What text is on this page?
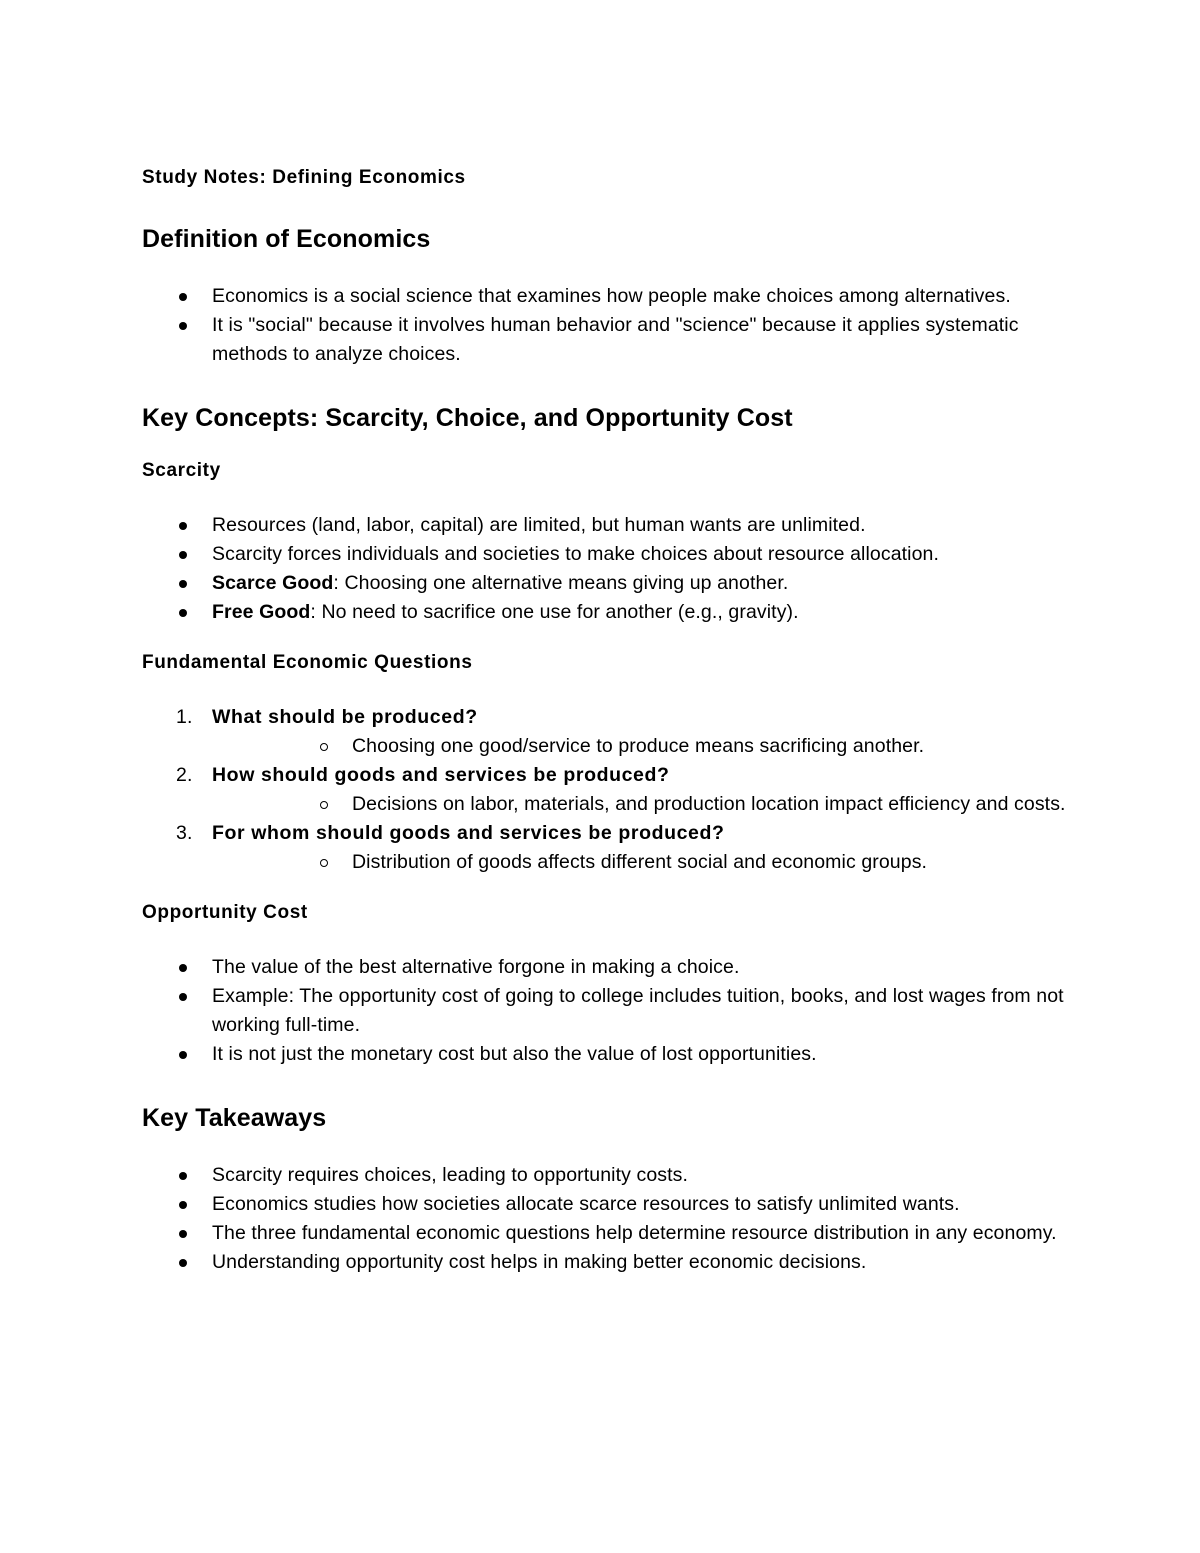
Study Notes: Defining Economics
Definition of Economics
Economics is a social science that examines how people make choices among alternatives.
It is "social" because it involves human behavior and "science" because it applies systematic methods to analyze choices.
Key Concepts: Scarcity, Choice, and Opportunity Cost
Scarcity
Resources (land, labor, capital) are limited, but human wants are unlimited.
Scarcity forces individuals and societies to make choices about resource allocation.
Scarce Good: Choosing one alternative means giving up another.
Free Good: No need to sacrifice one use for another (e.g., gravity).
Fundamental Economic Questions
1. What should be produced?
Choosing one good/service to produce means sacrificing another.
2. How should goods and services be produced?
Decisions on labor, materials, and production location impact efficiency and costs.
3. For whom should goods and services be produced?
Distribution of goods affects different social and economic groups.
Opportunity Cost
The value of the best alternative forgone in making a choice.
Example: The opportunity cost of going to college includes tuition, books, and lost wages from not working full-time.
It is not just the monetary cost but also the value of lost opportunities.
Key Takeaways
Scarcity requires choices, leading to opportunity costs.
Economics studies how societies allocate scarce resources to satisfy unlimited wants.
The three fundamental economic questions help determine resource distribution in any economy.
Understanding opportunity cost helps in making better economic decisions.
